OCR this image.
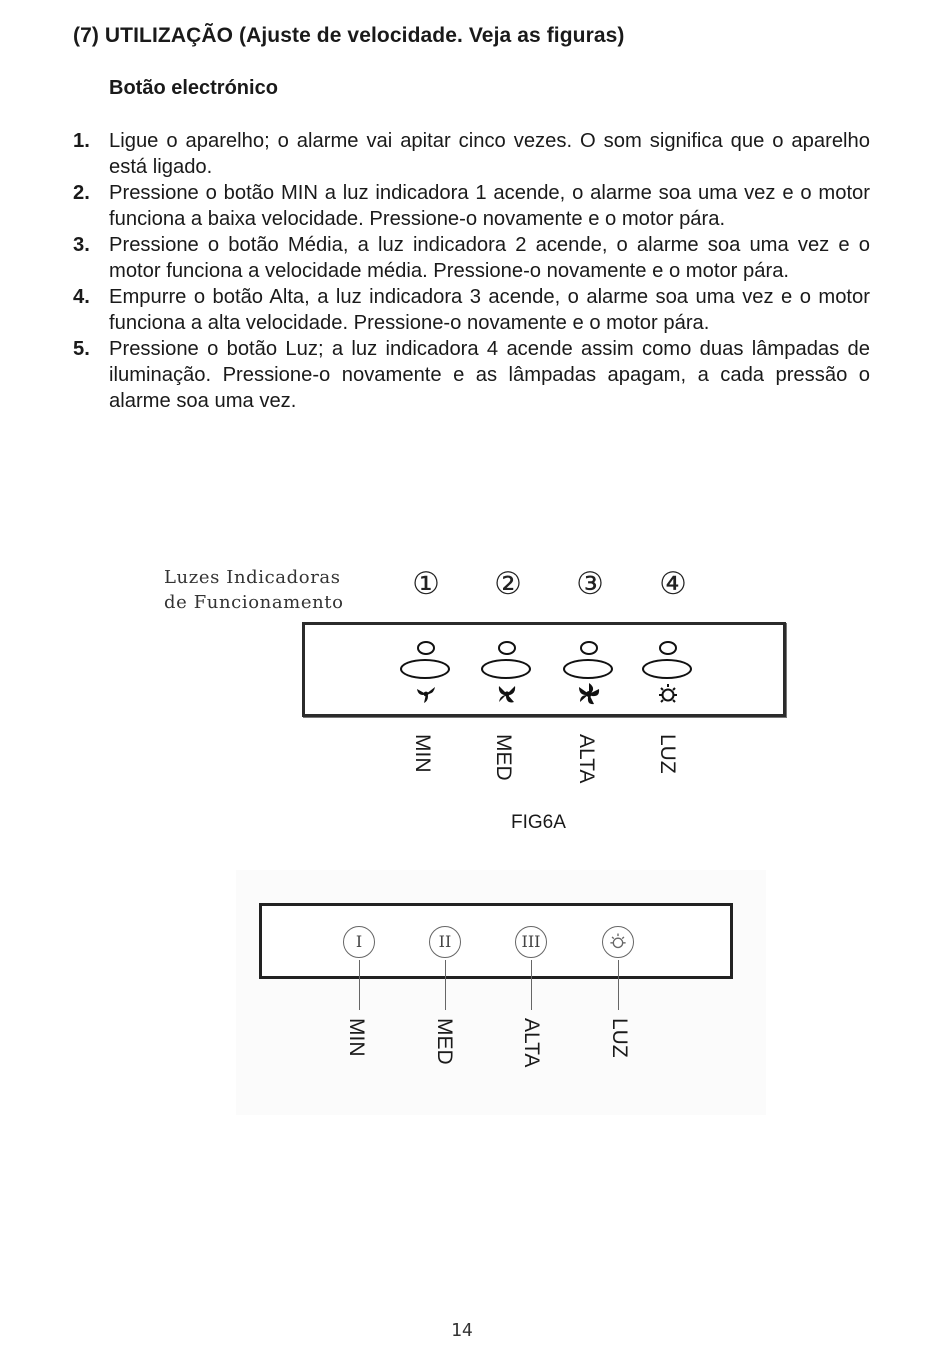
(7) UTILIZAÇÃO (Ajuste de velocidade. Veja as figuras)
Botão electrónico
1. Ligue o aparelho; o alarme vai apitar cinco vezes. O som significa que o aparelho está ligado.
2. Pressione o botão MIN a luz indicadora 1 acende, o alarme soa uma vez e o motor funciona a baixa velocidade. Pressione-o novamente e o motor pára.
3. Pressione o botão Média, a luz indicadora 2 acende, o alarme soa uma vez e o motor funciona a velocidade média. Pressione-o novamente e o motor pára.
4. Empurre o botão Alta, a luz indicadora 3 acende, o alarme soa uma vez e o motor funciona a alta velocidade. Pressione-o novamente e o motor pára.
5. Pressione o botão Luz; a luz indicadora 4 acende assim como duas lâmpadas de iluminação. Pressione-o novamente e as lâmpadas apagam, a cada pressão o alarme soa uma vez.
Luzes Indicadoras
de Funcionamento
① ② ③ ④
MIN	MED	ALTA	LUZ
FIG6A
I	II	III
MIN	MED	ALTA	LUZ
14
